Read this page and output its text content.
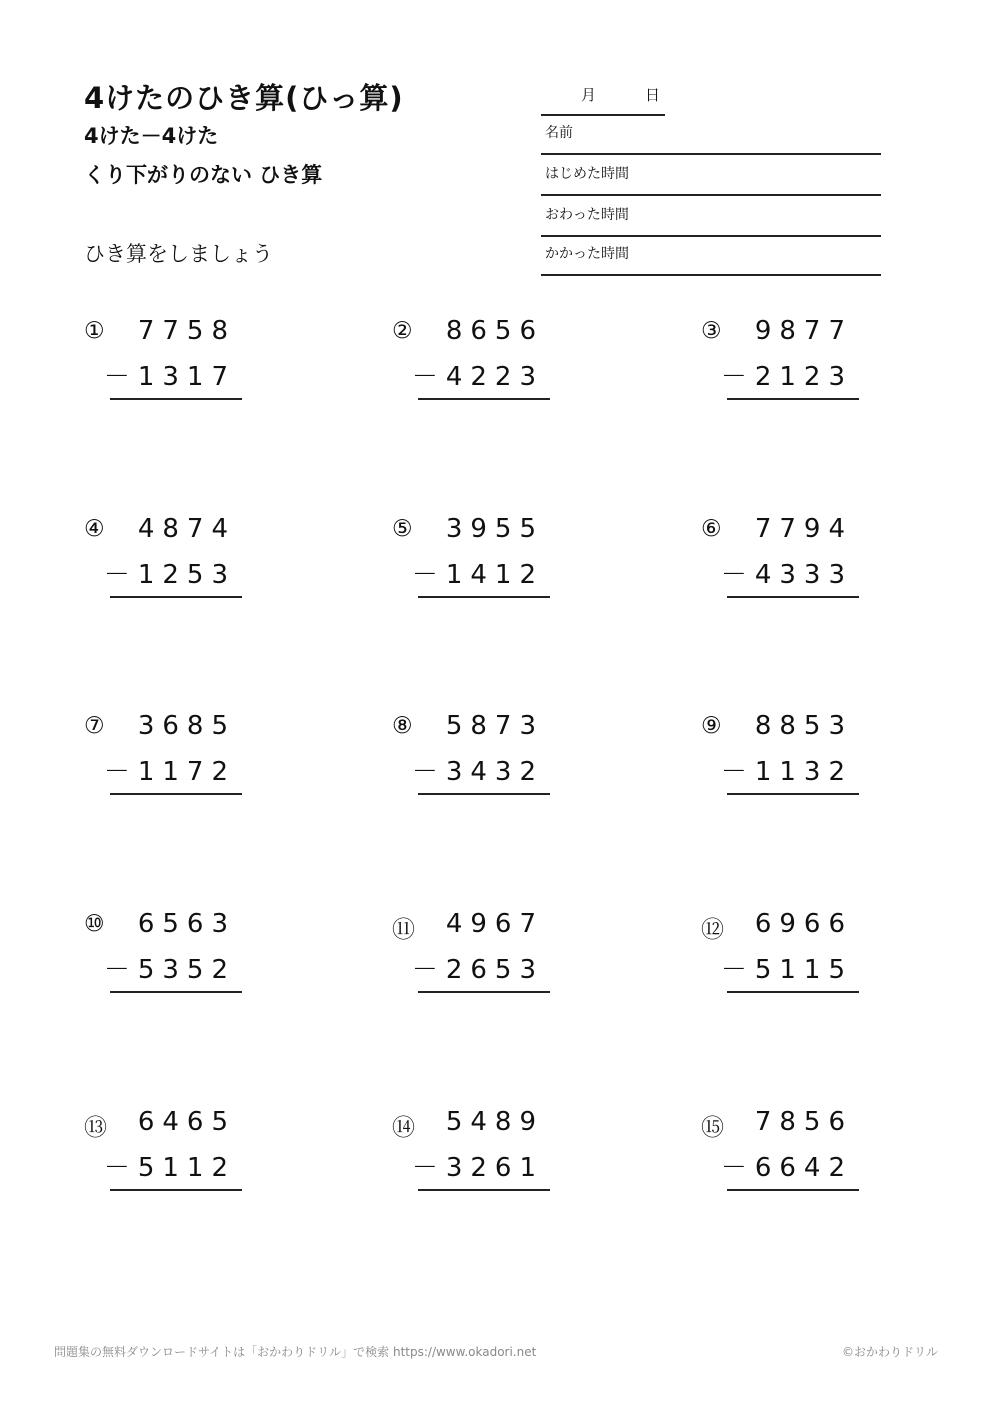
4けたのひき算(ひっ算)
4けた－4けた
くり下がりのない ひき算
ひき算をしましょう
月	日
名前
はじめた時間
おわった時間
かかった時間
① 7758
－1317
② 8656
－4223
③ 9877
－2123
④ 4874
－1253
⑤ 3955
－1412
⑥ 7794
－4333
⑦ 3685
－1172
⑧ 5873
－3432
⑨ 8853
－1132
⑩ 6563
－5352
⑪ 4967
－2653
⑫ 6966
－5115
⑬ 6465
－5112
⑭ 5489
－3261
⑮ 7856
－6642
問題集の無料ダウンロードサイトは「おかわりドリル」で検索 https://www.okadori.net	©おかわりドリル
